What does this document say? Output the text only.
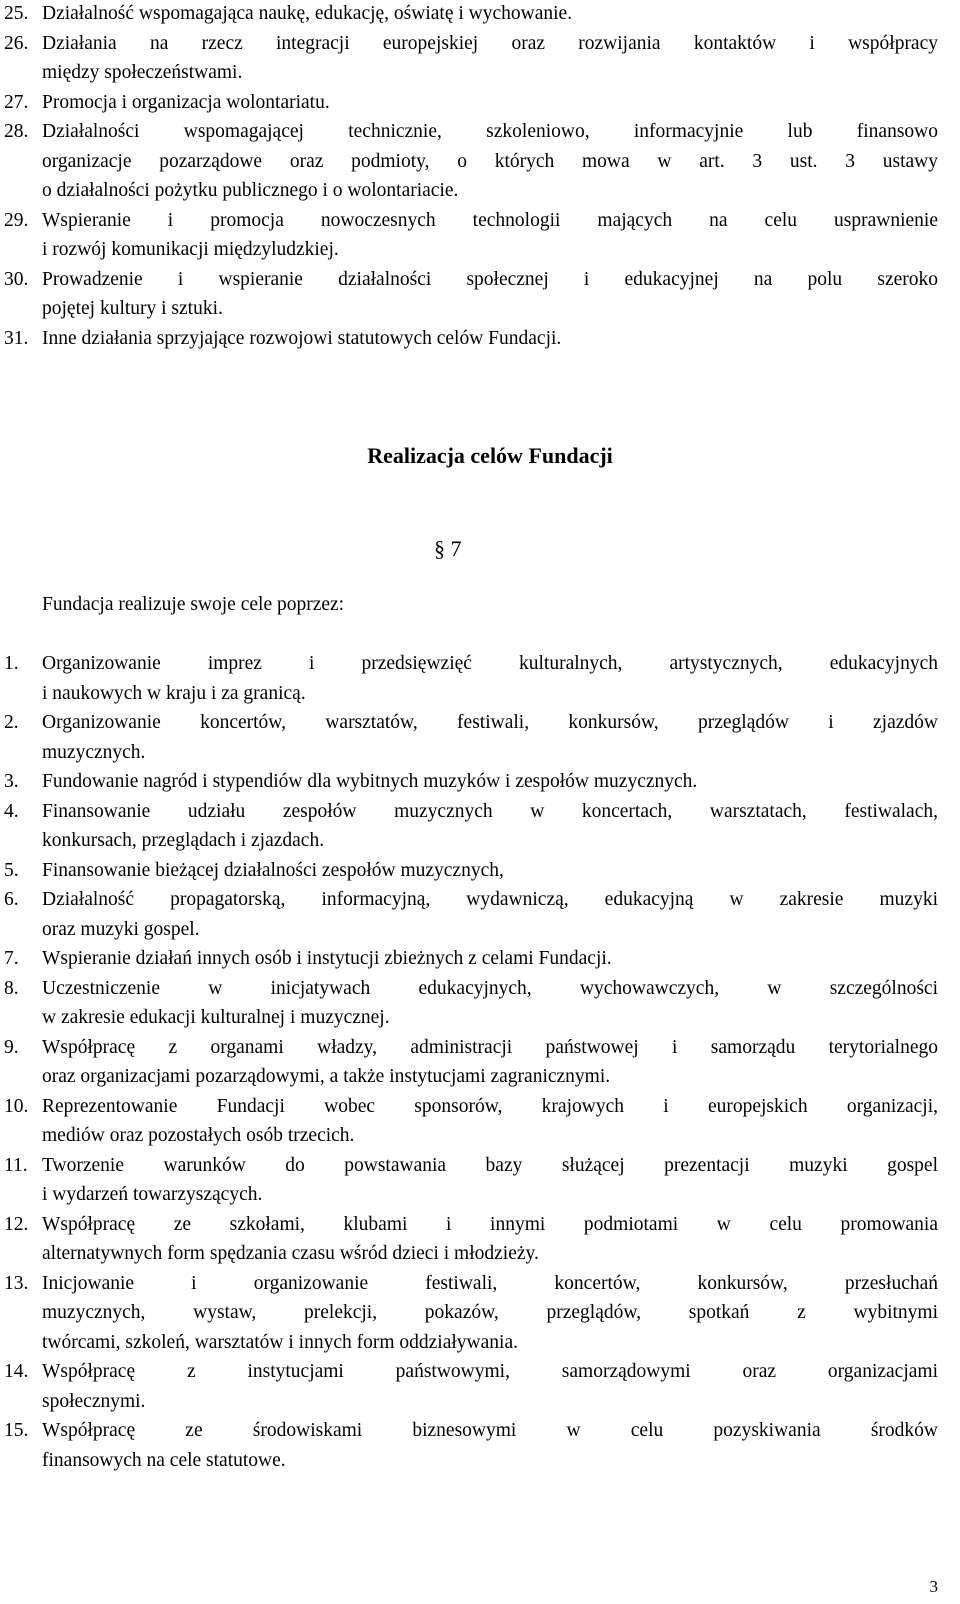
25. Działalność wspomagająca naukę, edukację, oświatę i wychowanie.
26. Działania na rzecz integracji europejskiej oraz rozwijania kontaktów i współpracy
między społeczeństwami.
27. Promocja i organizacja wolontariatu.
28. Działalności wspomagającej technicznie, szkoleniowo, informacyjnie lub finansowo
organizacje pozarządowe oraz podmioty, o których mowa w art. 3 ust. 3 ustawy
o działalności pożytku publicznego i o wolontariacie.
29. Wspieranie i promocja nowoczesnych technologii mających na celu usprawnienie
i rozwój komunikacji międzyludzkiej.
30. Prowadzenie i wspieranie działalności społecznej i edukacyjnej na polu szeroko
pojętej kultury i sztuki.
31. Inne działania sprzyjające rozwojowi statutowych celów Fundacji.
Realizacja celów Fundacji
§ 7
Fundacja realizuje swoje cele poprzez:
1. Organizowanie imprez i przedsięwzięć kulturalnych, artystycznych, edukacyjnych
i naukowych w kraju i za granicą.
2. Organizowanie koncertów, warsztatów, festiwali, konkursów, przeglądów i zjazdów
muzycznych.
3. Fundowanie nagród i stypendiów dla wybitnych muzyków i zespołów muzycznych.
4. Finansowanie udziału zespołów muzycznych w koncertach, warsztatach, festiwalach,
konkursach, przeglądach i zjazdach.
5. Finansowanie bieżącej działalności zespołów muzycznych,
6. Działalność propagatorską, informacyjną, wydawniczą, edukacyjną w zakresie muzyki
oraz muzyki gospel.
7. Wspieranie działań innych osób i instytucji zbieżnych z celami Fundacji.
8. Uczestniczenie w inicjatywach edukacyjnych, wychowawczych, w szczególności
w zakresie edukacji kulturalnej i muzycznej.
9. Współpracę z organami władzy, administracji państwowej i samorządu terytorialnego
oraz organizacjami pozarządowymi, a także instytucjami zagranicznymi.
10. Reprezentowanie Fundacji wobec sponsorów, krajowych i europejskich organizacji,
mediów oraz pozostałych osób trzecich.
11. Tworzenie warunków do powstawania bazy służącej prezentacji muzyki gospel
i wydarzeń towarzyszących.
12. Współpracę ze szkołami, klubami i innymi podmiotami w celu promowania
alternatywnych form spędzania czasu wśród dzieci i młodzieży.
13. Inicjowanie i organizowanie festiwali, koncertów, konkursów, przesłuchań
muzycznych, wystaw, prelekcji, pokazów, przeglądów, spotkań z wybitnymi
twórcami, szkoleń, warsztatów i innych form oddziaływania.
14. Współpracę z instytucjami państwowymi, samorządowymi oraz organizacjami
społecznymi.
15. Współpracę ze środowiskami biznesowymi w celu pozyskiwania środków
finansowych na cele statutowe.
3
